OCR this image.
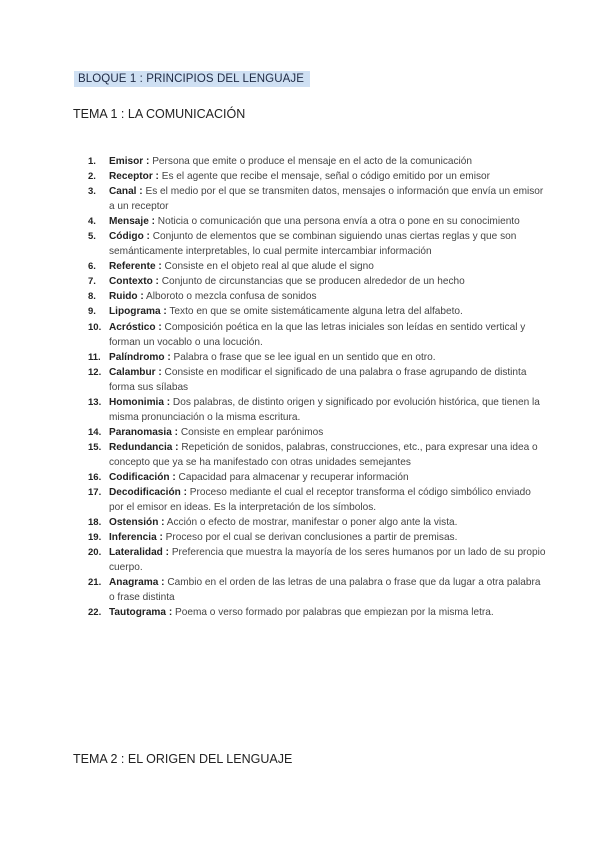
BLOQUE 1 : PRINCIPIOS DEL LENGUAJE
TEMA 1 : LA COMUNICACIÓN
1.	Emisor : Persona que emite o produce el mensaje en el acto de la comunicación
2.	Receptor : Es el agente que recibe el mensaje, señal o código emitido por un emisor
3.	Canal : Es el medio por el que se transmiten datos, mensajes o información que envía un emisor a un receptor
4.	Mensaje : Noticia o comunicación que una persona envía a otra o pone en su conocimiento
5.	Código : Conjunto de elementos que se combinan siguiendo unas ciertas reglas y que son semánticamente interpretables, lo cual permite intercambiar información
6.	Referente : Consiste en el objeto real al que alude el signo
7.	Contexto : Conjunto de circunstancias que se producen alrededor de un hecho
8.	Ruido : Alboroto o mezcla confusa de sonidos
9.	Lipograma : Texto en que se omite sistemáticamente alguna letra del alfabeto.
10. Acróstico : Composición poética en la que las letras iniciales son leídas en sentido vertical y forman un vocablo o una locución.
11. Palíndromo : Palabra o frase que se lee igual en un sentido que en otro.
12. Calambur : Consiste en modificar el significado de una palabra o frase agrupando de distinta forma sus sílabas
13. Homonimia : Dos palabras, de distinto origen y significado por evolución histórica, que tienen la misma pronunciación o la misma escritura.
14. Paranomasia : Consiste en emplear parónimos
15. Redundancia : Repetición de sonidos, palabras, construcciones, etc., para expresar una idea o concepto que ya se ha manifestado con otras unidades semejantes
16. Codificación : Capacidad para almacenar y recuperar información
17. Decodificación : Proceso mediante el cual el receptor transforma el código simbólico enviado por el emisor en ideas. Es la interpretación de los símbolos.
18. Ostensión : Acción o efecto de mostrar, manifestar o poner algo ante la vista.
19. Inferencia : Proceso por el cual se derivan conclusiones a partir de premisas.
20. Lateralidad : Preferencia que muestra la mayoría de los seres humanos por un lado de su propio cuerpo.
21. Anagrama : Cambio en el orden de las letras de una palabra o frase que da lugar a otra palabra o frase distinta
22. Tautograma : Poema o verso formado por palabras que empiezan por la misma letra.
TEMA 2 : EL ORIGEN DEL LENGUAJE
